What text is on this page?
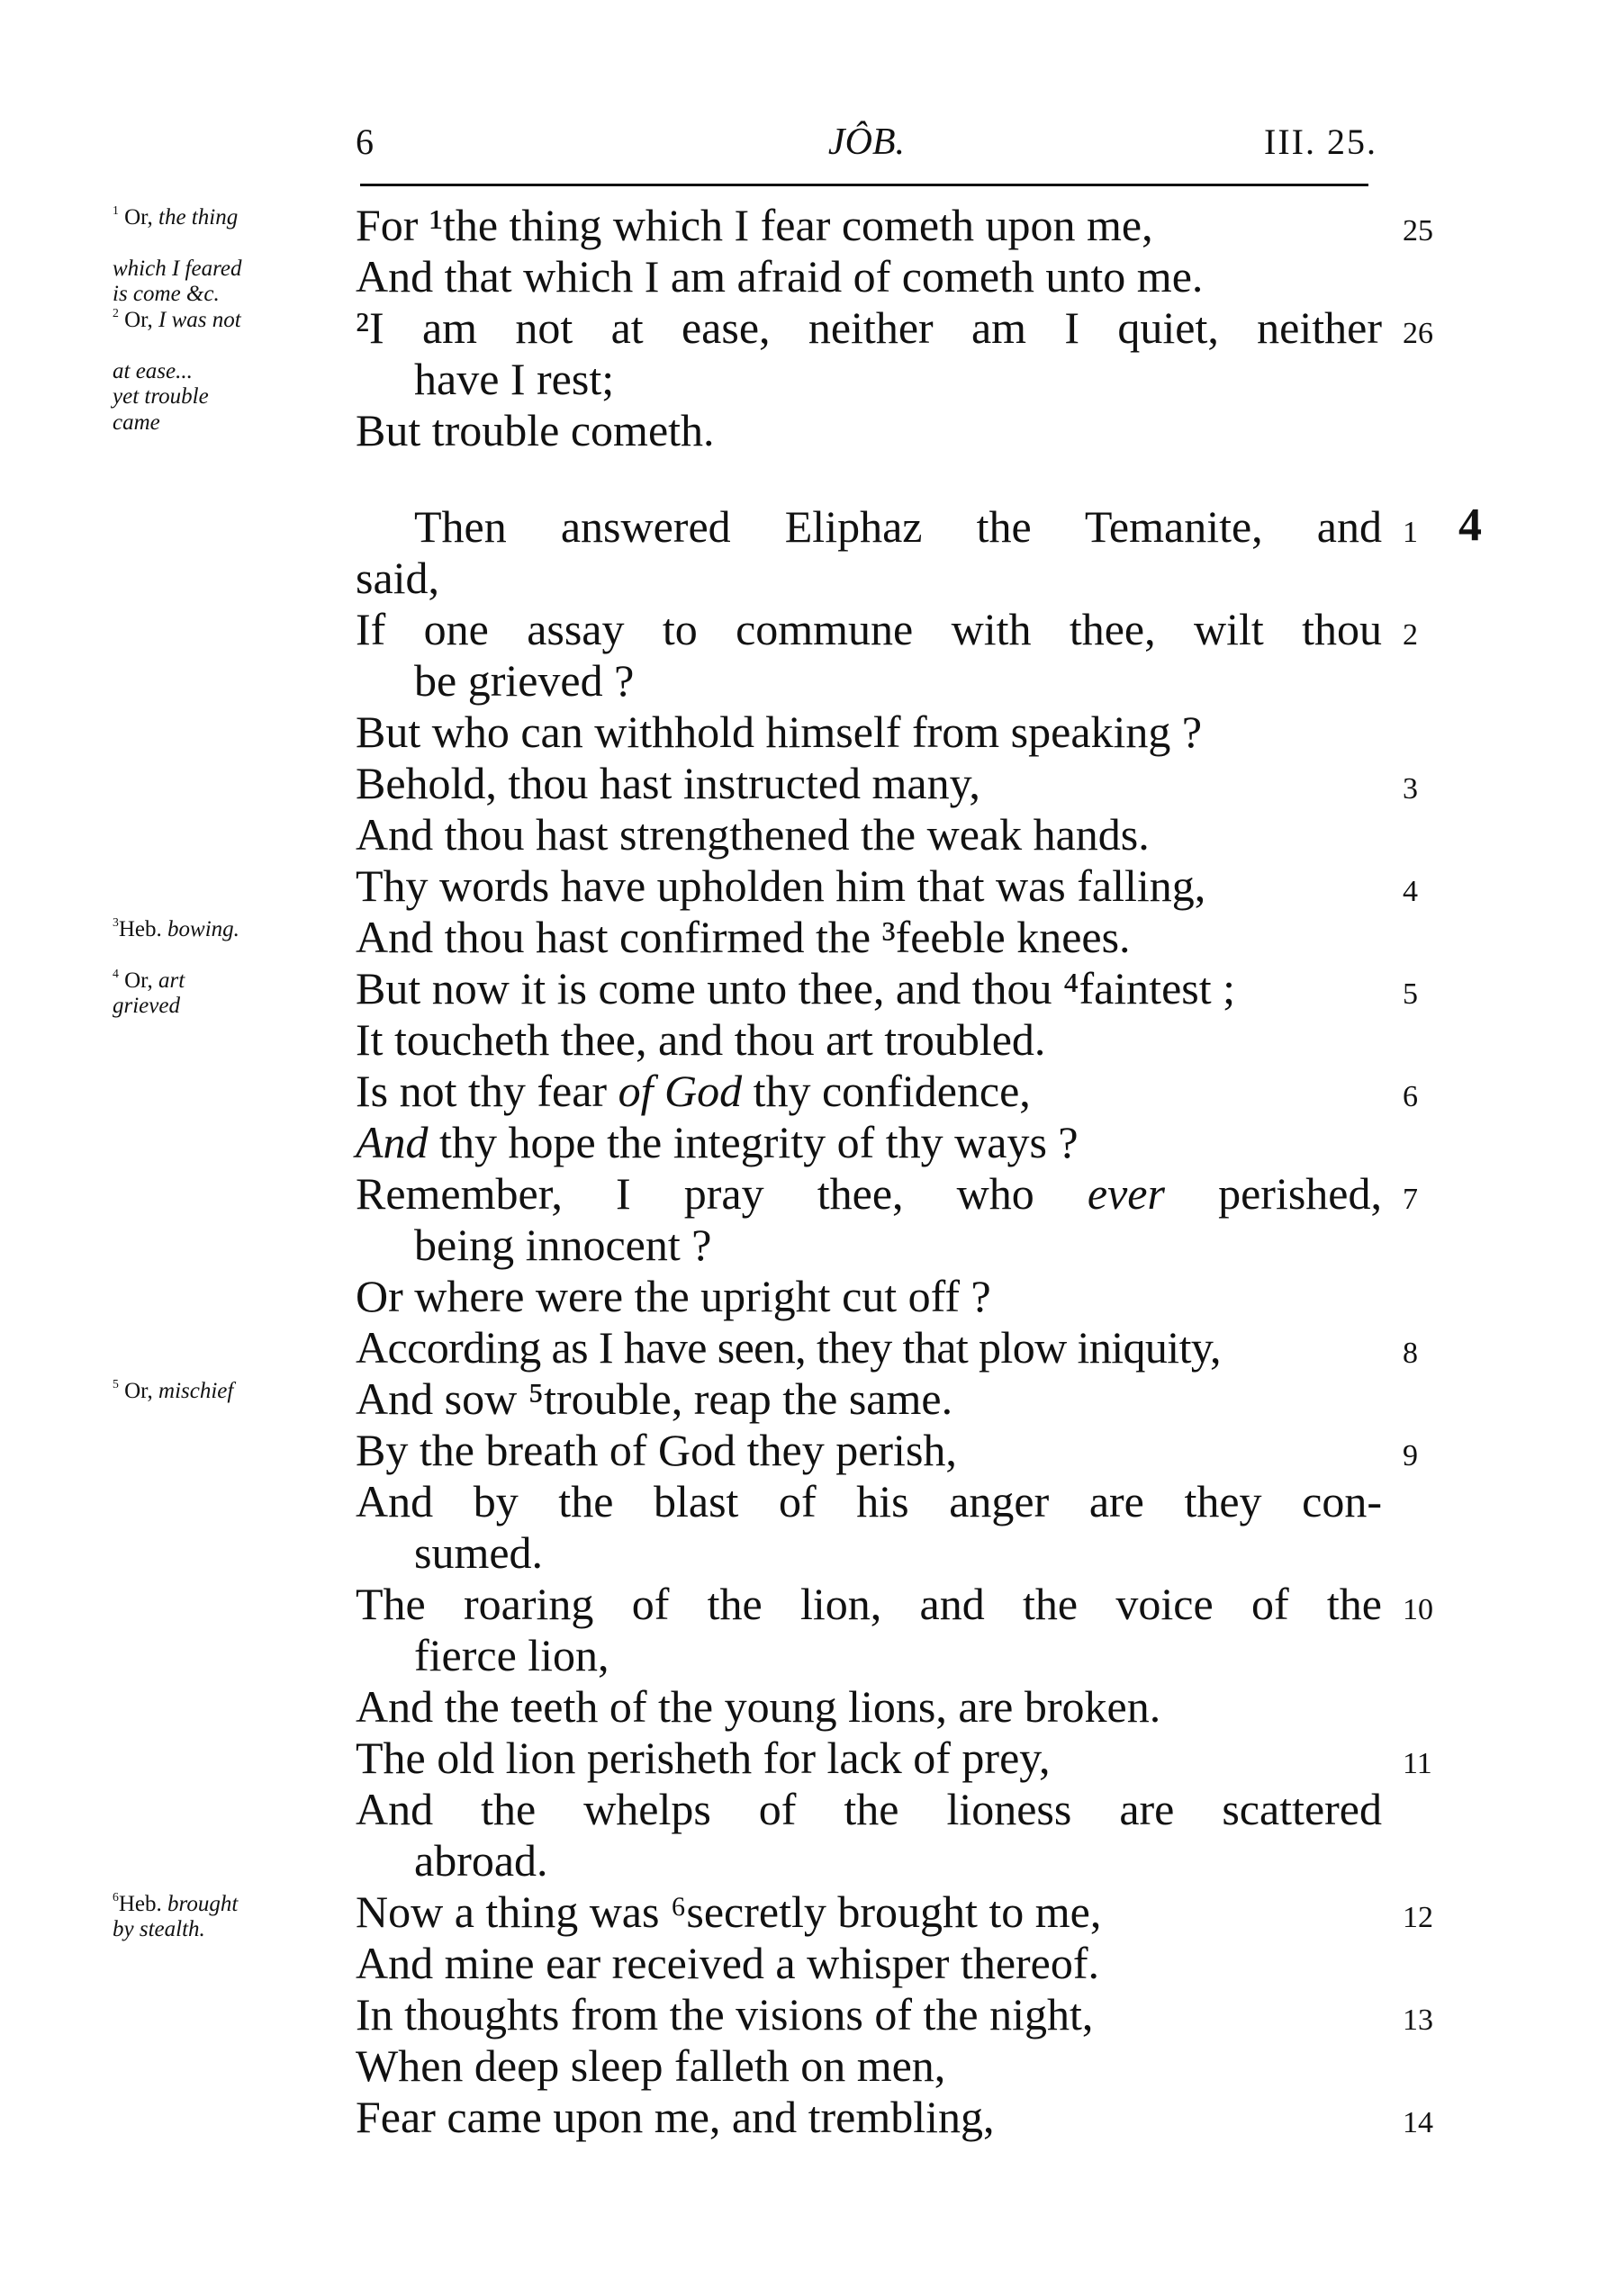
6	JÔB.	III. 25.
$^1$ Or, the thing	For ¹the thing which I fear cometh upon me,	25
which I feared
is come &c.	And that which I am afraid of cometh unto me.
$^2$ Or, I was not	²I am not at ease, neither am I quiet, neither 26
at ease...
yet trouble	have I rest;
came	But trouble cometh.
Then answered Eliphaz the Temanite, and 1 4
said,
If one assay to commune with thee, wilt thou 2
be grieved ?
But who can withhold himself from speaking ?
Behold, thou hast instructed many,	3
And thou hast strengthened the weak hands.
Thy words have upholden him that was falling,	4
$^3$Heb. bowing.	And thou hast confirmed the ³feeble knees.
$^4$ Or, art
grieved	But now it is come unto thee, and thou ⁴faintest ;	5
It toucheth thee, and thou art troubled.
Is not thy fear of God thy confidence,	6
And thy hope the integrity of thy ways ?
Remember, I pray thee, who ever perished, 7
being innocent ?
Or where were the upright cut off ?
According as I have seen, they that plow iniquity,	8
$^5$ Or, mischief	And sow ⁵trouble, reap the same.
By the breath of God they perish,	9
And by the blast of his anger are they con-
sumed.
The roaring of the lion, and the voice of the 10
fierce lion,
And the teeth of the young lions, are broken.
The old lion perisheth for lack of prey,	11
And the whelps of the lioness are scattered
abroad.
$^6$Heb. brought
by stealth.	Now a thing was ⁶secretly brought to me,	12
And mine ear received a whisper thereof.
In thoughts from the visions of the night,	13
When deep sleep falleth on men,
Fear came upon me, and trembling,	14
